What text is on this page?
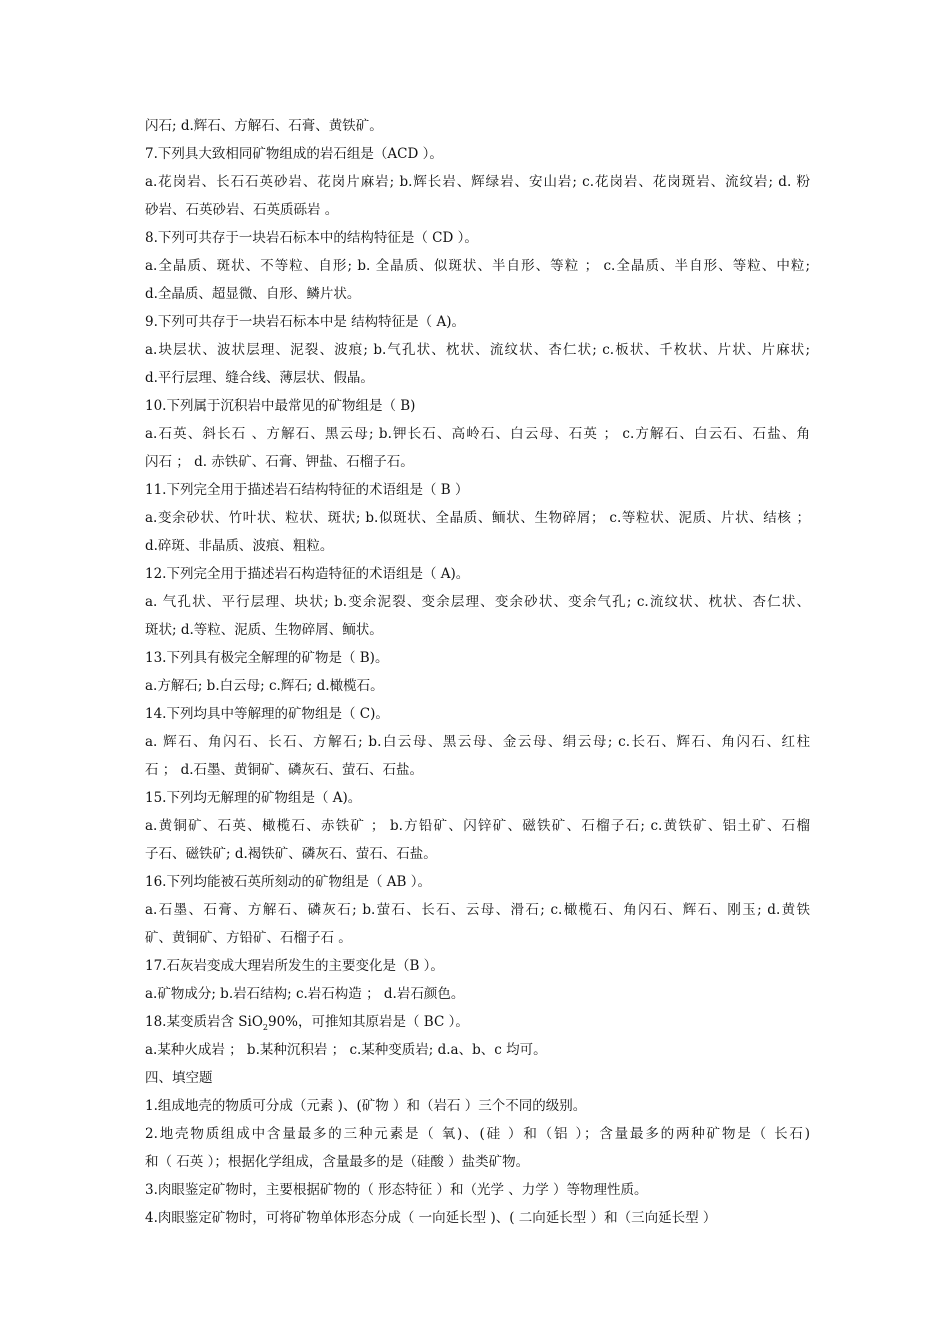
闪石; d.辉石、方解石、石膏、黄铁矿。
7.下列具大致相同矿物组成的岩石组是（ACD ）。
a.花岗岩、长石石英砂岩、花岗片麻岩; b.辉长岩、辉绿岩、安山岩; c.花岗岩、花岗斑岩、流纹岩; d. 粉
砂岩、石英砂岩、石英质砾岩 。
8.下列可共存于一块岩石标本中的结构特征是（ CD ）。
a.全晶质、斑状、不等粒、自形; b. 全晶质、似斑状、半自形、等粒 ； c.全晶质、半自形、等粒、中粒;
d.全晶质、超显微、自形、鳞片状。
9.下列可共存于一块岩石标本中是 结构特征是（ A)。
a.块层状、波状层理、泥裂、波痕; b.气孔状、枕状、流纹状、杏仁状; c.板状、千枚状、片状、片麻状;
d.平行层理、缝合线、薄层状、假晶。
10.下列属于沉积岩中最常见的矿物组是（ B)
a.石英、斜长石 、方解石、黑云母; b.钾长石、高岭石、白云母、石英 ； c.方解石、白云石、石盐、角
闪石 ； d. 赤铁矿、石膏、钾盐、石榴子石。
11.下列完全用于描述岩石结构特征的术语组是（ B ）
a.变余砂状、竹叶状、粒状、斑状; b.似斑状、全晶质、鲕状、生物碎屑； c.等粒状、泥质、片状、结核 ；
d.碎斑、非晶质、波痕、粗粒。
12.下列完全用于描述岩石构造特征的术语组是（ A)。
a. 气孔状、平行层理、块状; b.变余泥裂、变余层理、变余砂状、变余气孔; c.流纹状、枕状、杏仁状、
斑状; d.等粒、泥质、生物碎屑、鲕状。
13.下列具有极完全解理的矿物是（ B)。
a.方解石; b.白云母; c.辉石; d.橄榄石。
14.下列均具中等解理的矿物组是（ C)。
a. 辉石、角闪石、长石、方解石; b.白云母、黑云母、金云母、绢云母; c.长石、辉石、角闪石、红柱
石 ； d.石墨、黄铜矿、磷灰石、萤石、石盐。
15.下列均无解理的矿物组是（ A)。
a.黄铜矿、石英、橄榄石、赤铁矿 ； b.方铅矿、闪锌矿、磁铁矿、石榴子石; c.黄铁矿、铝土矿、石榴
子石、磁铁矿; d.褐铁矿、磷灰石、萤石、石盐。
16.下列均能被石英所刻动的矿物组是（ AB ）。
a.石墨、石膏、方解石、磷灰石; b.萤石、长石、云母、滑石; c.橄榄石、角闪石、辉石、刚玉; d.黄铁
矿、黄铜矿、方铅矿、石榴子石 。
17.石灰岩变成大理岩所发生的主要变化是（B ）。
a.矿物成分; b.岩石结构; c.岩石构造 ； d.岩石颜色。
18.某变质岩含 SiO$_2$90%，可推知其原岩是（ BC ）。
a.某种火成岩 ； b.某种沉积岩 ； c.某种变质岩; d.a、b、c 均可。
四、填空题
1.组成地壳的物质可分成（元素 )、(矿物 ）和（岩石 ）三个不同的级别。
2.地壳物质组成中含量最多的三种元素是（ 氧)、(硅 ）和（铝 ）；含量最多的两种矿物是（ 长石)
和（ 石英 ）；根据化学组成，含量最多的是（硅酸 ）盐类矿物。
3.肉眼鉴定矿物时，主要根据矿物的（ 形态特征 ）和（光学 、力学 ）等物理性质。
4.肉眼鉴定矿物时，可将矿物单体形态分成（ 一向延长型 )、( 二向延长型 ）和（三向延长型 ）
